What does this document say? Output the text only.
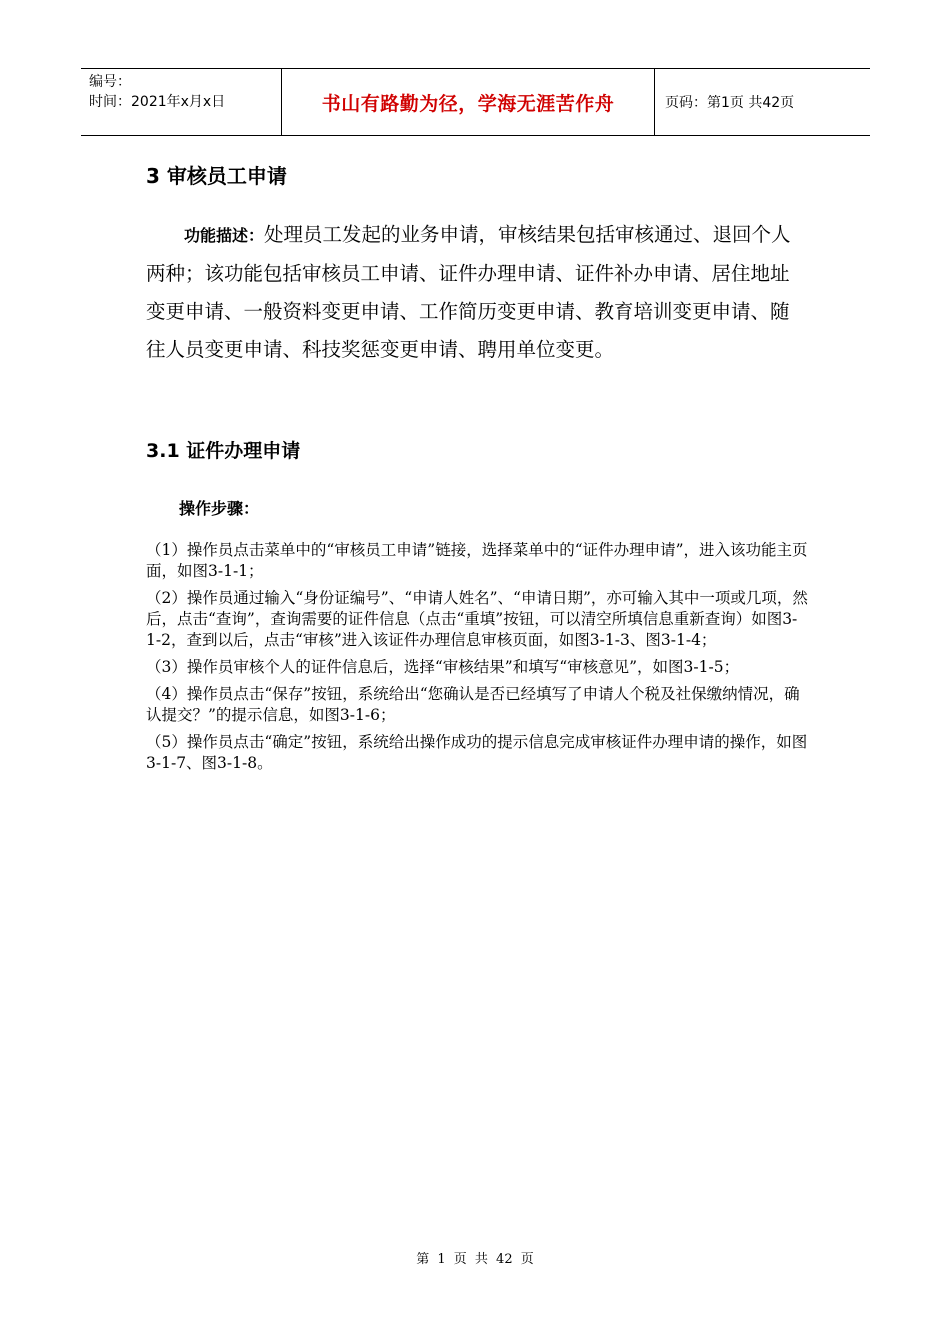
编号：
时间：2021年x月x日	书山有路勤为径，学海无涯苦作舟	页码：第1页 共42页
3 审核员工申请
功能描述：处理员工发起的业务申请，审核结果包括审核通过、退回个人两种；该功能包括审核员工申请、证件办理申请、证件补办申请、居住地址变更申请、一般资料变更申请、工作简历变更申请、教育培训变更申请、随往人员变更申请、科技奖惩变更申请、聘用单位变更。
3.1 证件办理申请
操作步骤：

（1）操作员点击菜单中的“审核员工申请”链接，选择菜单中的“证件办理申请”，进入该功能主页面，如图3-1-1；

（2）操作员通过输入“身份证编号”、“申请人姓名”、“申请日期”，亦可输入其中一项或几项，然后，点击“查询”，查询需要的证件信息（点击“重填”按钮，可以清空所填信息重新查询）如图3-1-2，查到以后，点击“审核”进入该证件办理信息审核页面，如图3-1-3、图3-1-4；

（3）操作员审核个人的证件信息后，选择“审核结果”和填写“审核意见”，如图3-1-5；

（4）操作员点击“保存”按钮，系统给出“您确认是否已经填写了申请人个税及社保缴纳情况，确认提交？”的提示信息，如图3-1-6；

（5）操作员点击“确定”按钮，系统给出操作成功的提示信息完成审核证件办理申请的操作，如图3-1-7、图3-1-8。

第 1 页 共 42 页
